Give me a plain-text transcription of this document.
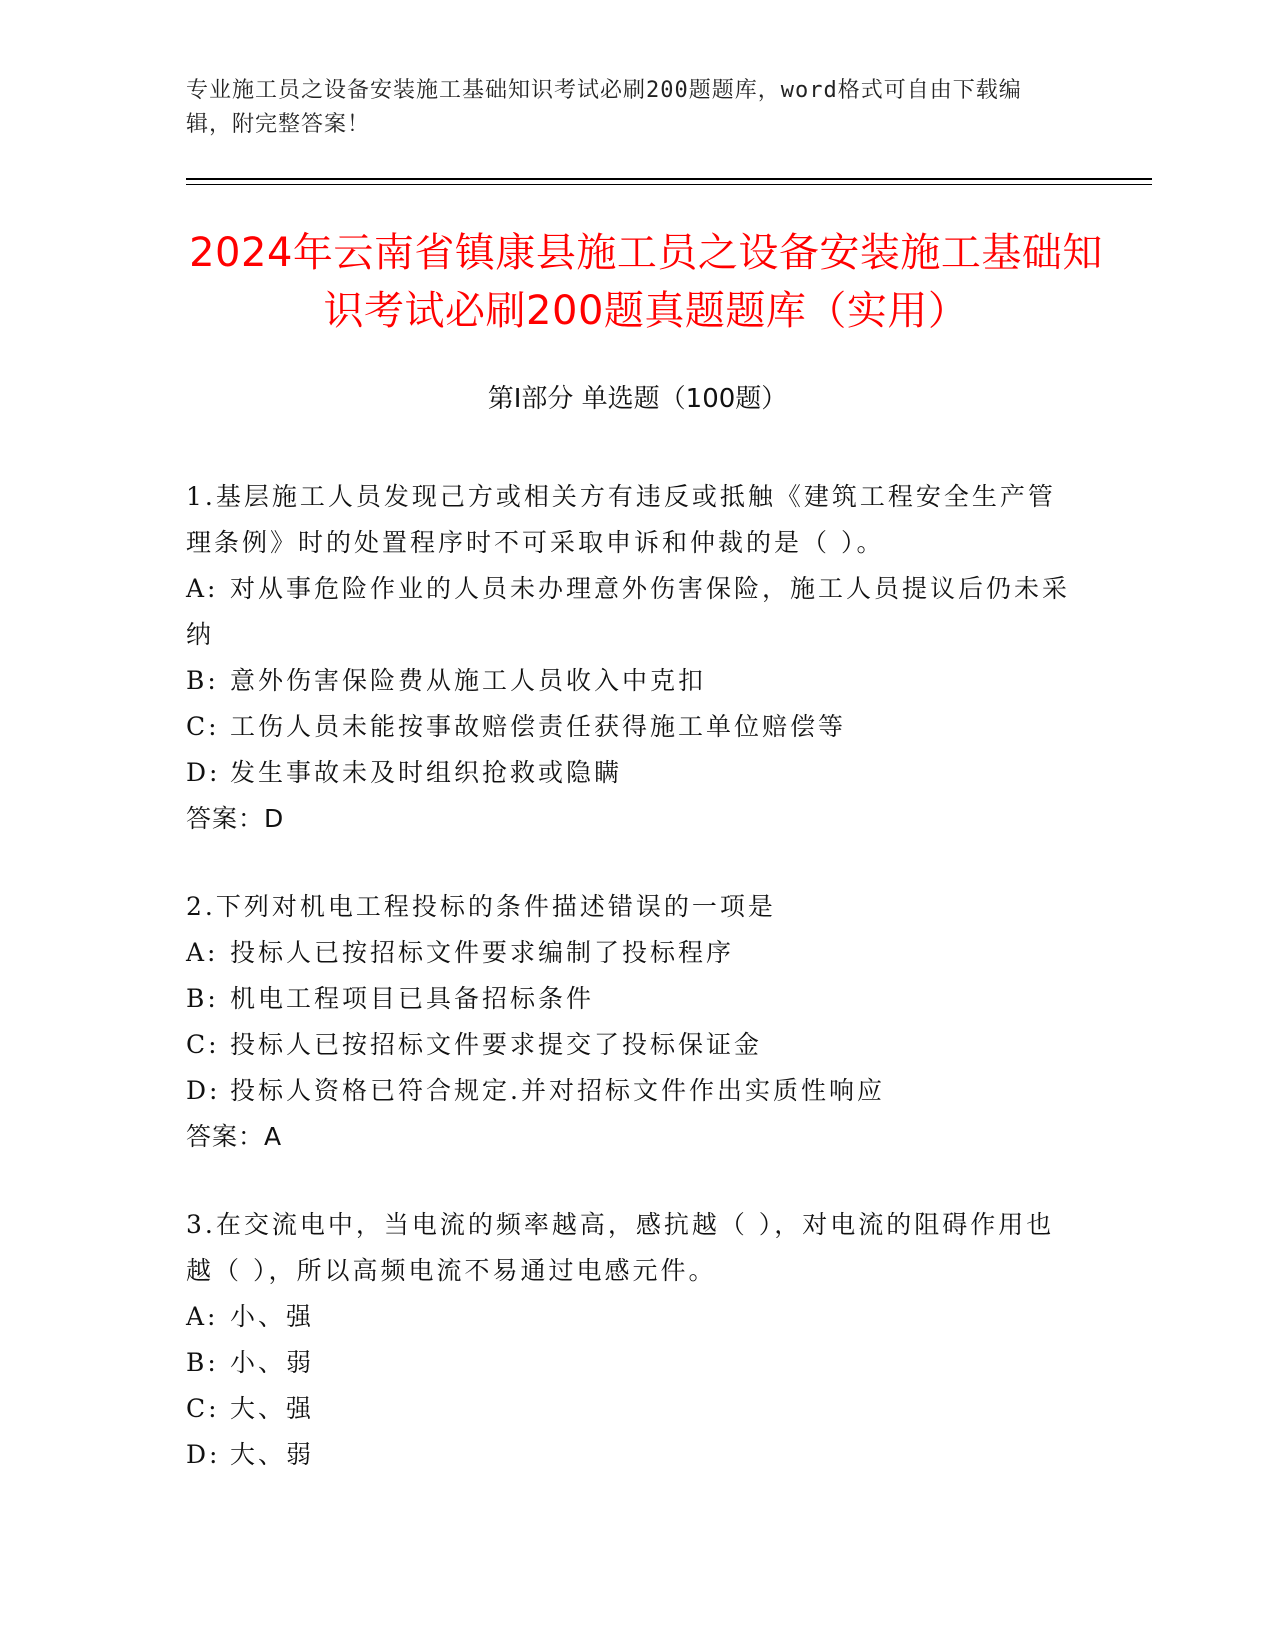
专业施工员之设备安装施工基础知识考试必刷200题题库，word格式可自由下载编辑，附完整答案！
2024年云南省镇康县施工员之设备安装施工基础知识考试必刷200题真题题库（实用）
第Ⅰ部分 单选题（100题）
1.基层施工人员发现己方或相关方有违反或抵触《建筑工程安全生产管理条例》时的处置程序时不可采取申诉和仲裁的是（ ）。
A: 对从事危险作业的人员未办理意外伤害保险，施工人员提议后仍未采纳
B: 意外伤害保险费从施工人员收入中克扣
C: 工伤人员未能按事故赔偿责任获得施工单位赔偿等
D: 发生事故未及时组织抢救或隐瞒
答案：D
2.下列对机电工程投标的条件描述错误的一项是
A: 投标人已按招标文件要求编制了投标程序
B: 机电工程项目已具备招标条件
C: 投标人已按招标文件要求提交了投标保证金
D: 投标人资格已符合规定.并对招标文件作出实质性响应
答案：A
3.在交流电中，当电流的频率越高，感抗越（ ），对电流的阻碍作用也越（ ），所以高频电流不易通过电感元件。
A: 小、强
B: 小、弱
C: 大、强
D: 大、弱
